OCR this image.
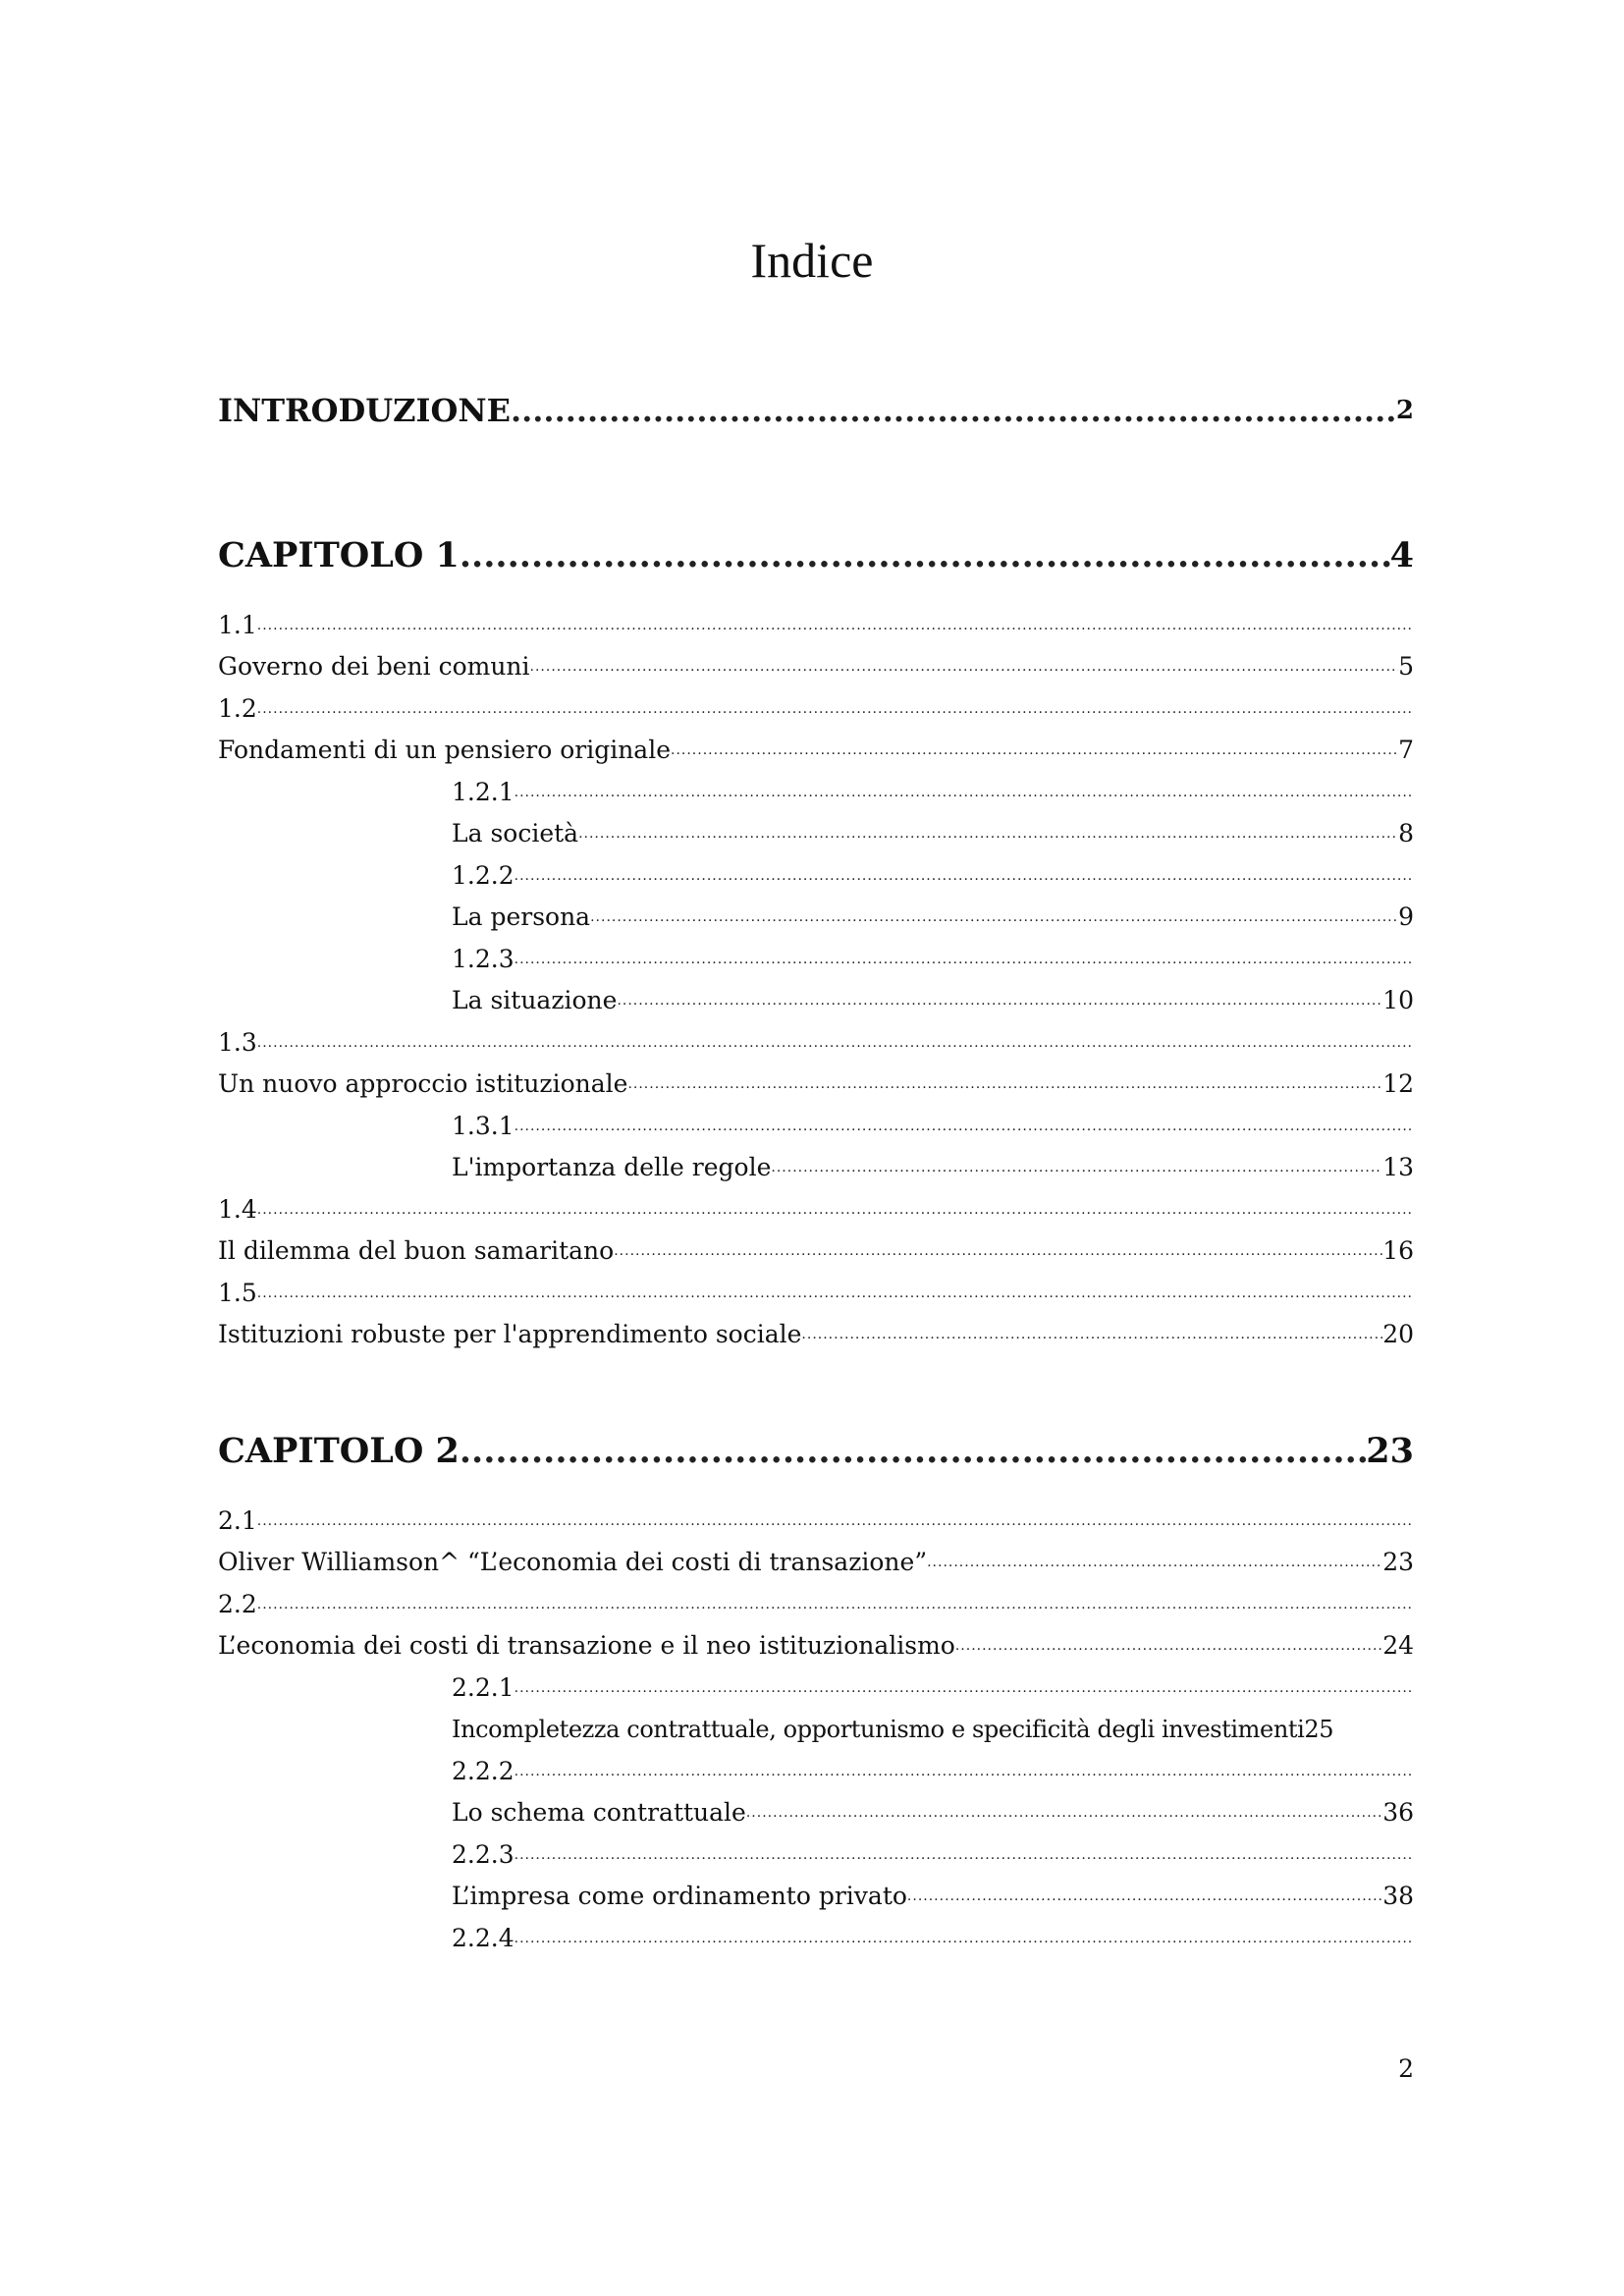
Indice
INTRODUZIONE .....	2
CAPITOLO 1 .....	4
1.1
.....
Governo dei beni comuni .....	5
1.2
.....
Fondamenti di un pensiero originale .....	7
1.2.1
.....
La società .....	8
1.2.2
.....
La persona .....	9
1.2.3
.....
La situazione .....	10
1.3
.....
Un nuovo approccio istituzionale .....	12
1.3.1
.....
L'importanza delle regole .....	13
1.4
.....
Il dilemma del buon samaritano .....	16
1.5
.....
Istituzioni robuste per l'apprendimento sociale .....	20
CAPITOLO 2 .....	23
2.1
.....
Oliver Williamson^ “L’economia dei costi di transazione” .....	23
2.2
.....
L’economia dei costi di transazione e il neo istituzionalismo .....	24
2.2.1
.....
Incompletezza contrattuale, opportunismo e specificità degli investimenti 25
2.2.2
.....
Lo schema contrattuale .....	36
2.2.3
.....
L’impresa come ordinamento privato .....	38
2.2.4
.....
2
